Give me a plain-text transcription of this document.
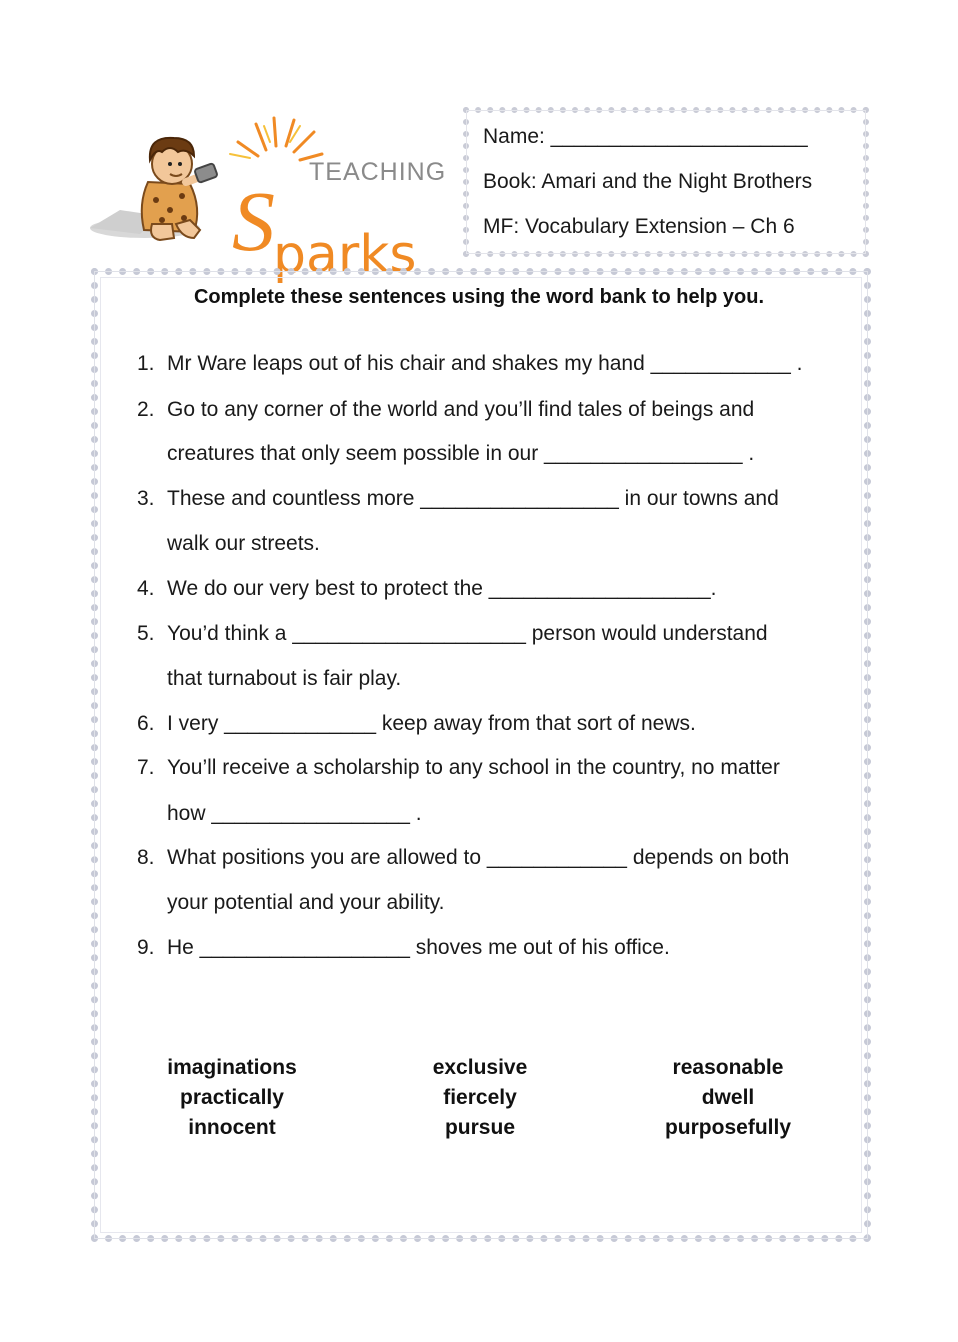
TEACHING
Sparks
Name: ______________________
Book: Amari and the Night Brothers
MF: Vocabulary Extension – Ch 6
Complete these sentences using the word bank to help you.
1. Mr Ware leaps out of his chair and shakes my hand ____________ .
2. Go to any corner of the world and you’ll find tales of beings and
creatures that only seem possible in our _________________ .
3. These and countless more _________________ in our towns and
walk our streets.
4. We do our very best to protect the ___________________.
5. You’d think a ____________________ person would understand
that turnabout is fair play.
6. I very _____________ keep away from that sort of news.
7. You’ll receive a scholarship to any school in the country, no matter
how _________________ .
8. What positions you are allowed to ____________ depends on both
your potential and your ability.
9. He __________________ shoves me out of his office.
imaginations
practically
innocent
exclusive
fiercely
pursue
reasonable
dwell
purposefully
